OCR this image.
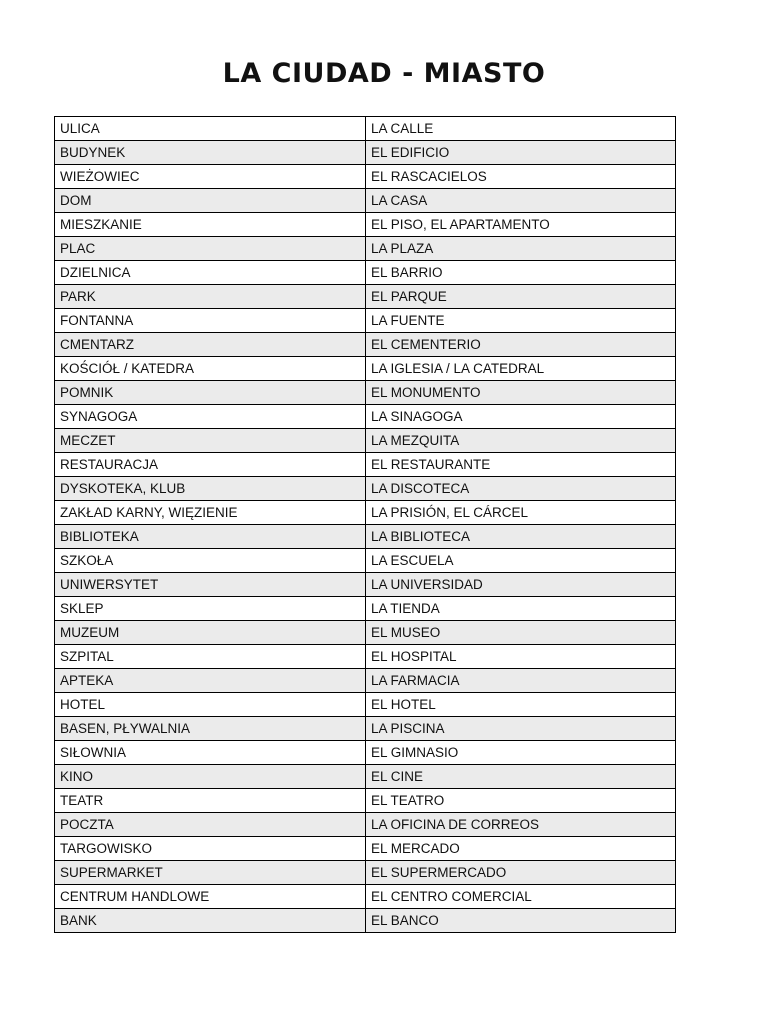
LA CIUDAD - MIASTO
ULICA	LA CALLE
BUDYNEK	EL EDIFICIO
WIEŻOWIEC	EL RASCACIELOS
DOM	LA CASA
MIESZKANIE	EL PISO, EL APARTAMENTO
PLAC	LA PLAZA
DZIELNICA	EL BARRIO
PARK	EL PARQUE
FONTANNA	LA FUENTE
CMENTARZ	EL CEMENTERIO
KOŚCIÓŁ / KATEDRA	LA IGLESIA / LA CATEDRAL
POMNIK	EL MONUMENTO
SYNAGOGA	LA SINAGOGA
MECZET	LA MEZQUITA
RESTAURACJA	EL RESTAURANTE
DYSKOTEKA, KLUB	LA DISCOTECA
ZAKŁAD KARNY, WIĘZIENIE	LA PRISIÓN, EL CÁRCEL
BIBLIOTEKA	LA BIBLIOTECA
SZKOŁA	LA ESCUELA
UNIWERSYTET	LA UNIVERSIDAD
SKLEP	LA TIENDA
MUZEUM	EL MUSEO
SZPITAL	EL HOSPITAL
APTEKA	LA FARMACIA
HOTEL	EL HOTEL
BASEN, PŁYWALNIA	LA PISCINA
SIŁOWNIA	EL GIMNASIO
KINO	EL CINE
TEATR	EL TEATRO
POCZTA	LA OFICINA DE CORREOS
TARGOWISKO	EL MERCADO
SUPERMARKET	EL SUPERMERCADO
CENTRUM HANDLOWE	EL CENTRO COMERCIAL
BANK	EL BANCO
